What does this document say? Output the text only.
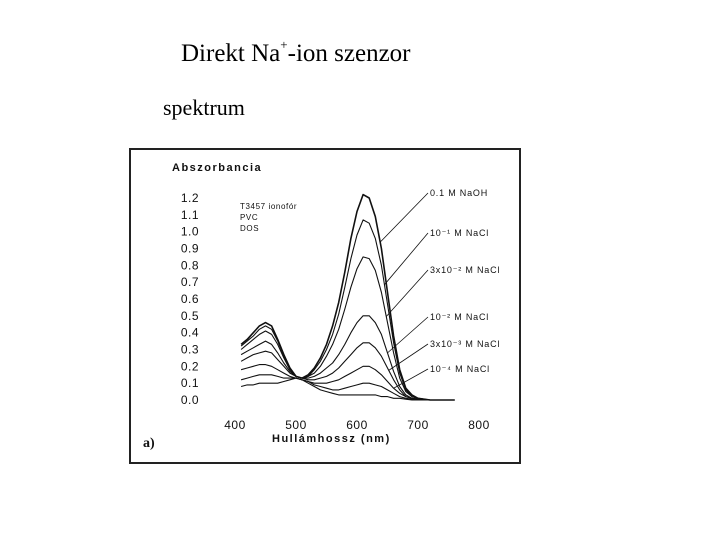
Direkt Na+-ion szenzor
spektrum
Abszorbancia
1.2
1.1
1.0
0.9
0.8
0.7
0.6
0.5
0.4
0.3
0.2
0.1
0.0
400	500	600	700	800
T3457 ionofór
PVC
DOS
0.1 M NaOH
10⁻¹ M NaCl
3x10⁻² M NaCl
10⁻² M NaCl
3x10⁻³ M NaCl
10⁻⁴ M NaCl
Hullámhossz (nm)
a)
